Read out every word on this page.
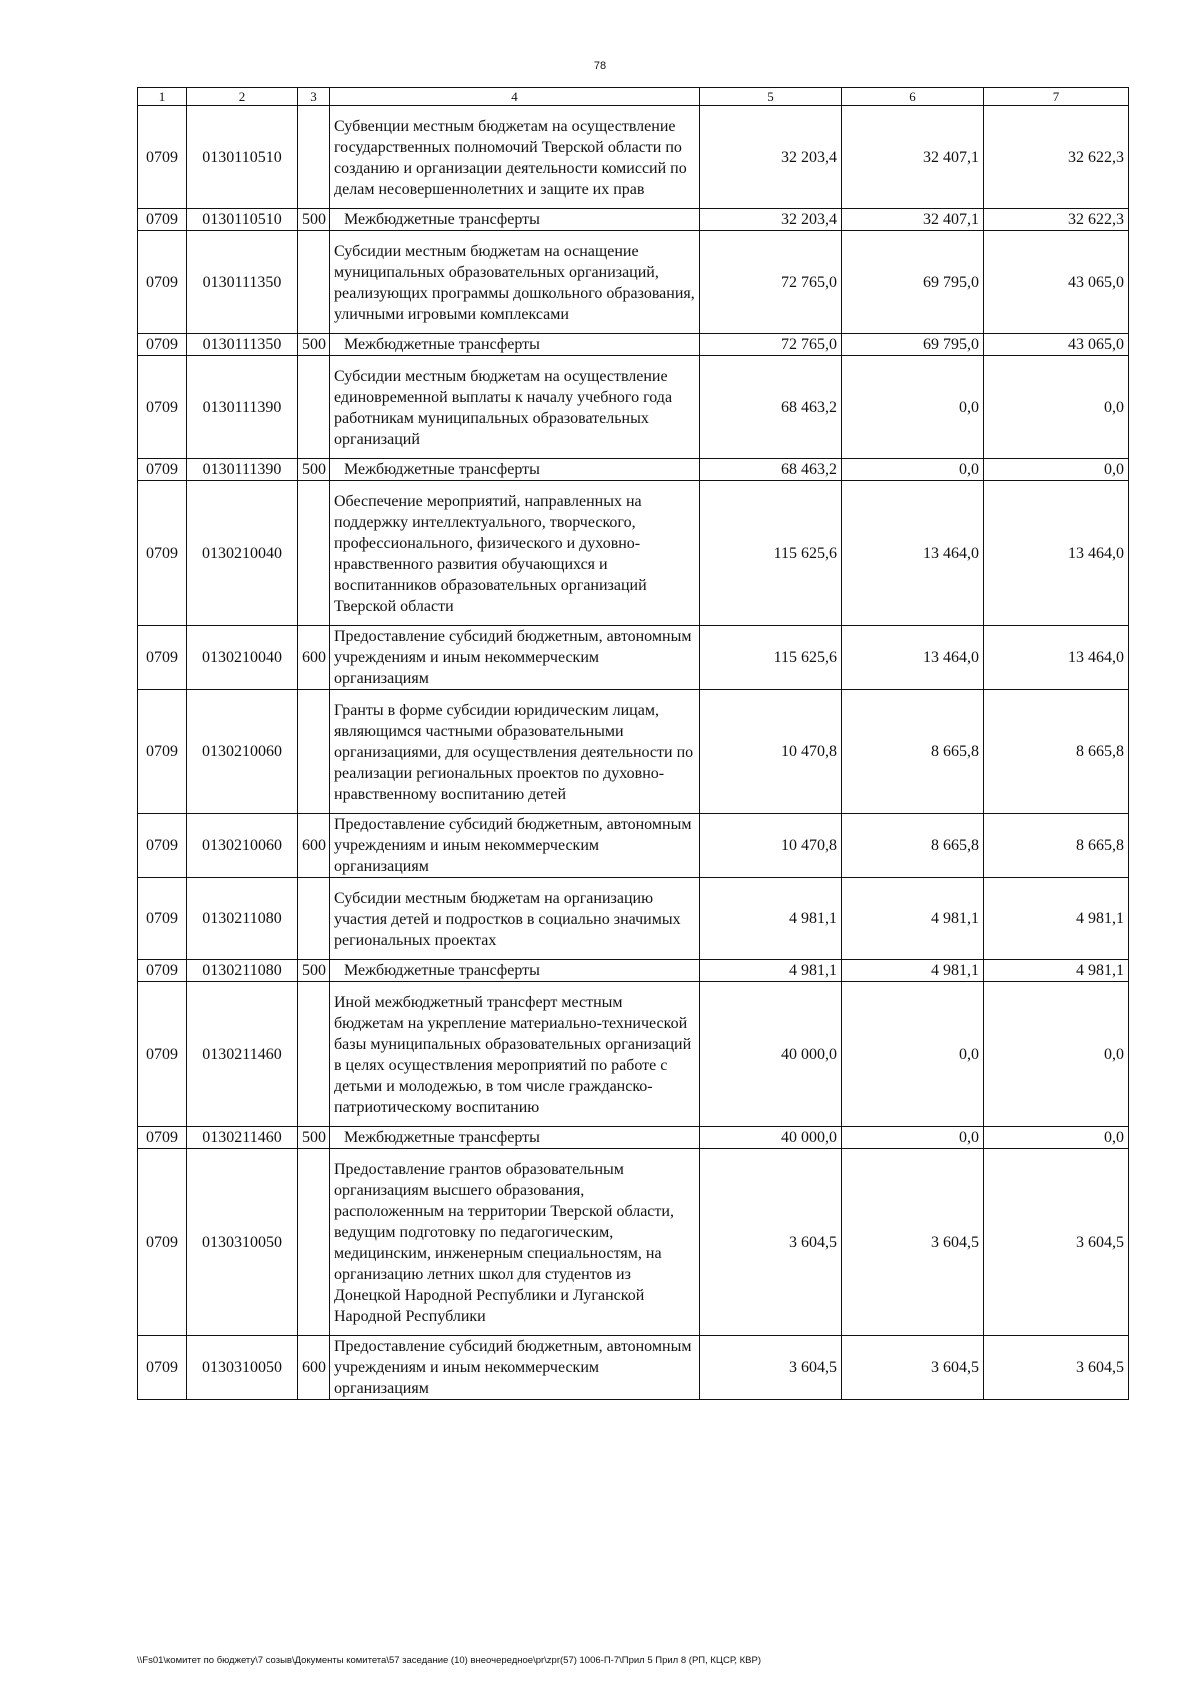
78
1	2	3	4	5	6	7
0709	0130110510		Субвенции местным бюджетам на осуществление государственных полномочий Тверской области по созданию и организации деятельности комиссий по делам несовершеннолетних и защите их прав	32 203,4	32 407,1	32 622,3
0709	0130110510	500	Межбюджетные трансферты	32 203,4	32 407,1	32 622,3
0709	0130111350		Субсидии местным бюджетам на оснащение муниципальных образовательных организаций, реализующих программы дошкольного образования, уличными игровыми комплексами	72 765,0	69 795,0	43 065,0
0709	0130111350	500	Межбюджетные трансферты	72 765,0	69 795,0	43 065,0
0709	0130111390		Субсидии местным бюджетам на осуществление единовременной выплаты к началу учебного года работникам муниципальных образовательных организаций	68 463,2	0,0	0,0
0709	0130111390	500	Межбюджетные трансферты	68 463,2	0,0	0,0
0709	0130210040		Обеспечение мероприятий, направленных на поддержку интеллектуального, творческого, профессионального, физического и духовно-нравственного развития обучающихся и воспитанников образовательных организаций Тверской области	115 625,6	13 464,0	13 464,0
0709	0130210040	600	Предоставление субсидий бюджетным, автономным учреждениям и иным некоммерческим организациям	115 625,6	13 464,0	13 464,0
0709	0130210060		Гранты в форме субсидии юридическим лицам, являющимся частными образовательными организациями, для осуществления деятельности по реализации региональных проектов по духовно-нравственному воспитанию детей	10 470,8	8 665,8	8 665,8
0709	0130210060	600	Предоставление субсидий бюджетным, автономным учреждениям и иным некоммерческим организациям	10 470,8	8 665,8	8 665,8
0709	0130211080		Субсидии местным бюджетам на организацию участия детей и подростков в социально значимых региональных проектах	4 981,1	4 981,1	4 981,1
0709	0130211080	500	Межбюджетные трансферты	4 981,1	4 981,1	4 981,1
0709	0130211460		Иной межбюджетный трансферт местным бюджетам на укрепление материально-технической базы муниципальных образовательных организаций в целях осуществления мероприятий по работе с детьми и молодежью, в том числе гражданско-патриотическому воспитанию	40 000,0	0,0	0,0
0709	0130211460	500	Межбюджетные трансферты	40 000,0	0,0	0,0
0709	0130310050		Предоставление грантов образовательным организациям высшего образования, расположенным на территории Тверской области, ведущим подготовку по педагогическим, медицинским, инженерным специальностям, на организацию летних школ для студентов из Донецкой Народной Республики и Луганской Народной Республики	3 604,5	3 604,5	3 604,5
0709	0130310050	600	Предоставление субсидий бюджетным, автономным учреждениям и иным некоммерческим организациям	3 604,5	3 604,5	3 604,5
\\Fs01\комитет по бюджету\7 созыв\Документы комитета\57 заседание (10) внеочередное\pr\zpr(57) 1006-П-7\Прил 5 Прил 8 (РП, КЦСР, КВР)
